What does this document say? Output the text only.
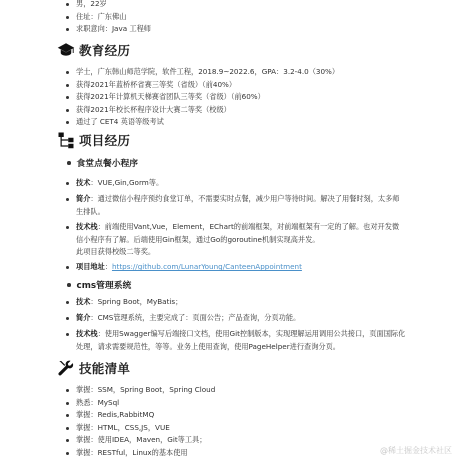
男，22岁
住址：广东佛山
求职意向：Java 工程师
教育经历
学士，广东韩山师范学院，软件工程，2018.9~2022.6，GPA：3.2-4.0（30%）
获得2021年蓝桥杯省赛三等奖（省级）（前40%）
获得2021年计算机天梯赛省团队三等奖（省级）（前60%）
获得2021年校长杯程序设计大赛二等奖（校级）
通过了 CET4 英语等级考试
项目经历
食堂点餐小程序
技术：VUE,Gin,Gorm等。
简介：通过微信小程序预约食堂订单，不需要实时点餐，减少用户等待时间。解决了用餐时刻，太多师生排队。
技术栈：前端使用Vant,Vue，Element，EChart的前端框架，对前端框架有一定的了解。也对开发微信小程序有了解。后端使用Gin框架，通过Go的goroutine机制实现高并发。
此项目获得校级二等奖。
项目地址：https://github.com/LunarYoung/CanteenAppointment
cms管理系统
技术：Spring Boot，MyBatis；
简介：CMS管理系统，主要完成了：页面公告；产品查询，分页功能。
技术栈：使用Swagger编写后端接口文档，使用Git控制版本，实现理解运用调用公共接口，页面国际化处理，请求需要规范性，等等。业务上使用查询，使用PageHelper进行查询分页。
技能清单
掌握：SSM，Spring Boot，Spring Cloud
熟悉：MySql
掌握：Redis,RabbitMQ
掌握：HTML，CSS,JS，VUE
掌握：使用IDEA，Maven，Git等工具；
掌握：RESTful，Linux的基本使用	@稀土掘金技术社区
